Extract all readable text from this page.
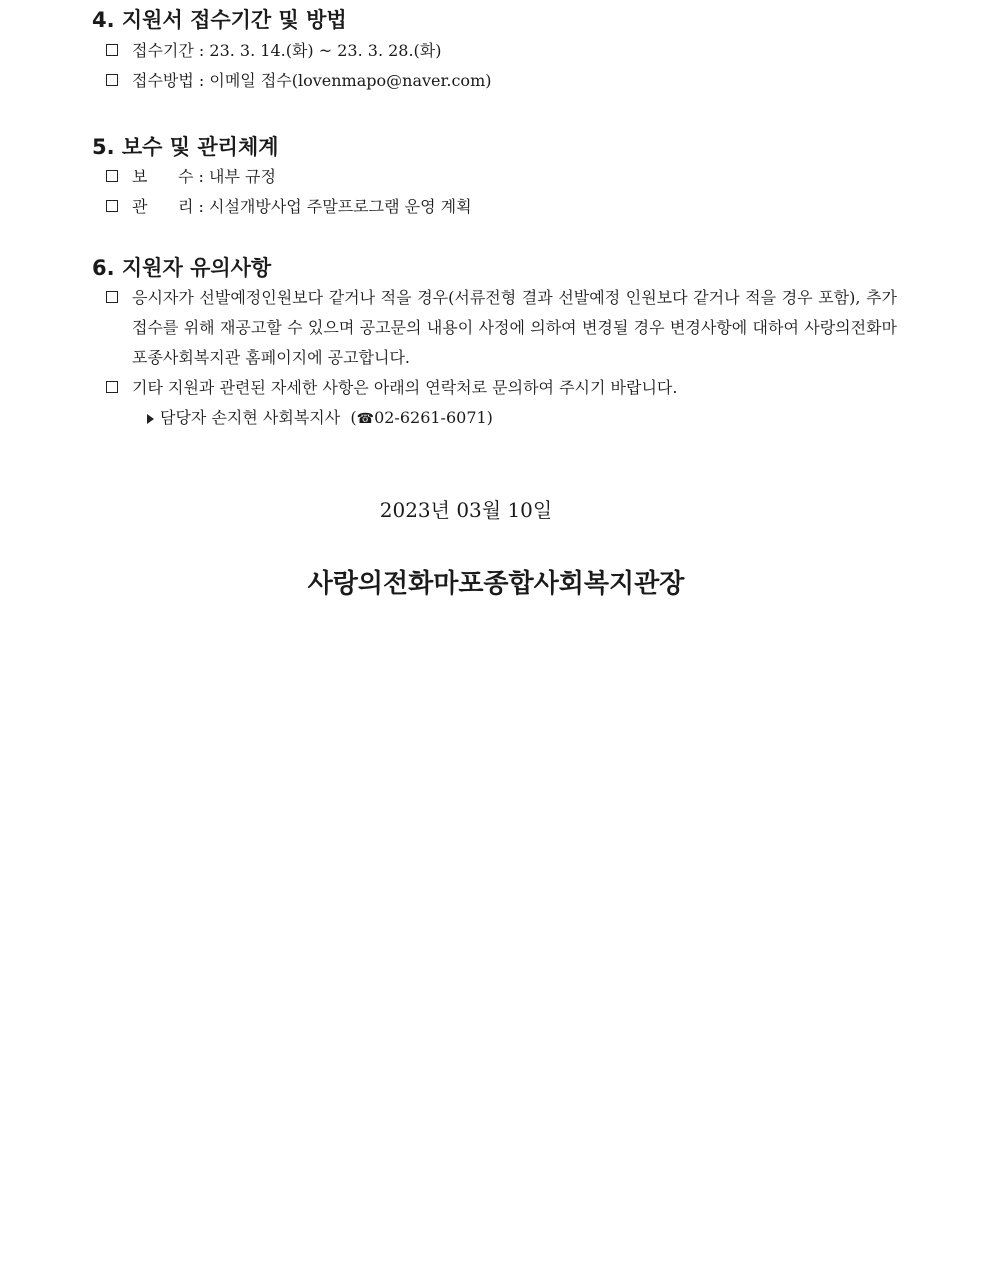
4. 지원서 접수기간 및 방법
접수기간 : 23. 3. 14.(화) ~ 23. 3. 28.(화)
접수방법 : 이메일 접수(lovenmapo@naver.com)
5. 보수 및 관리체계
보      수 : 내부 규정
관      리 : 시설개방사업 주말프로그램 운영 계획
6. 지원자 유의사항
응시자가 선발예정인원보다 같거나 적을 경우(서류전형 결과 선발예정 인원보다 같거나 적을 경우 포함), 추가 접수를 위해 재공고할 수 있으며 공고문의 내용이 사정에 의하여 변경될 경우 변경사항에 대하여 사랑의전화마포종사회복지관 홈페이지에 공고합니다.
기타 지원과 관련된 자세한 사항은 아래의 연락처로 문의하여 주시기 바랍니다.
담당자 손지현 사회복지사  (☎02-6261-6071)
2023년 03월 10일
사랑의전화마포종합사회복지관장
